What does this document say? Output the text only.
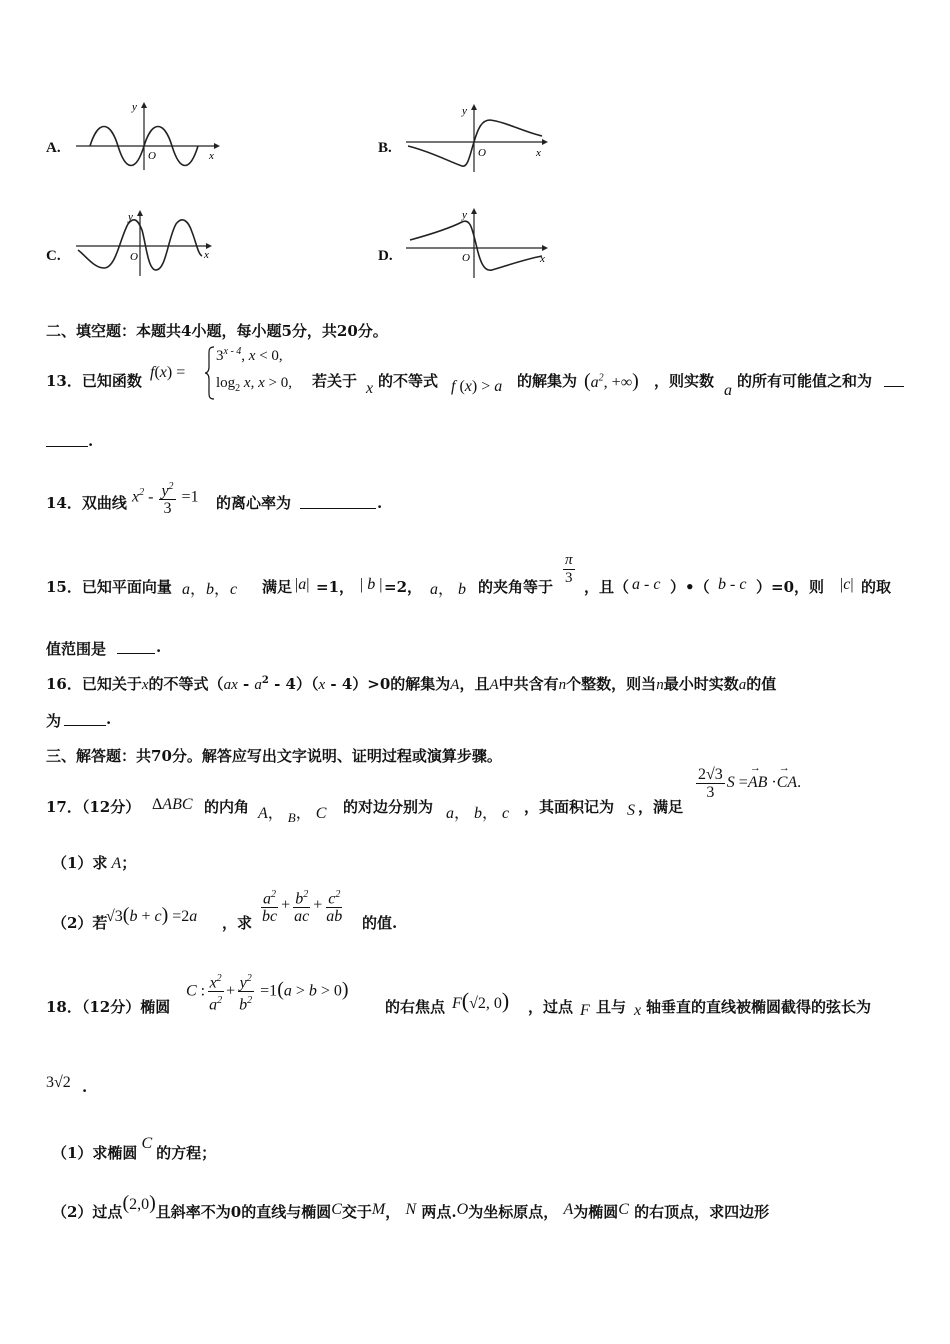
A.
y
x
O	B.
y
x
O
C.
y
x
O	D.
y
x
O
二、填空题：本题共4小题，每小题5分，共20分。
13．已知函数 f(x) =
$3^{x - 4}$, x < 0,
$\log_2 x$, x > 0, 若关于 x 的不等式 f (x) > a 的解集为 ($a^2$, +∞) ，则实数
a
的所有可能值之和为
.
14．双曲线 $x^2 - \frac{y^2}{3} =1$ 的离心率为	.
15．已知平面向量 a，b，c 满足 |a| =1， | b | =2， a， b 的夹角等于 $\frac{\pi}{3}$ ，且（ a - c ）•（ b - c ）=0，则 |c| 的取
值范围是	.
16．已知关于x的不等式$(ax - a^2 - 4)(x - 4)>0$的解集为A，且A中共含有n个整数，则当n最小时实数a的值
为	.
三、解答题：共70分。解答应写出文字说明、证明过程或演算步骤。
17．（12分） ΔABC 的内角 A， $_B$， C 的对边分别为 a， b， c ，其面积记为 S ，满足
$\frac{2√3}{3}$ S =AB
→
·CA
→
.
（1）求 A；
（2）若
√3(b + c) =2a ，求 $\frac{a^2}{bc} + \frac{b^2}{ac} + \frac{c^2}{ab}$ 的值.
18．（12分）椭圆
C : $\frac{x^2}{a^2} + \frac{y^2}{b^2} =1(a > b > 0)$
的右焦点 F(√2, 0) ，过点 F 且与 x 轴垂直的直线被椭圆截得的弦长为
3√2 .
（1）求椭圆 C 的方程；
（2）过点(2,0)且斜率不为0的直线与椭圆C交于M， N 两点.O为坐标原点， A为椭圆C 的右顶点，求四边形
